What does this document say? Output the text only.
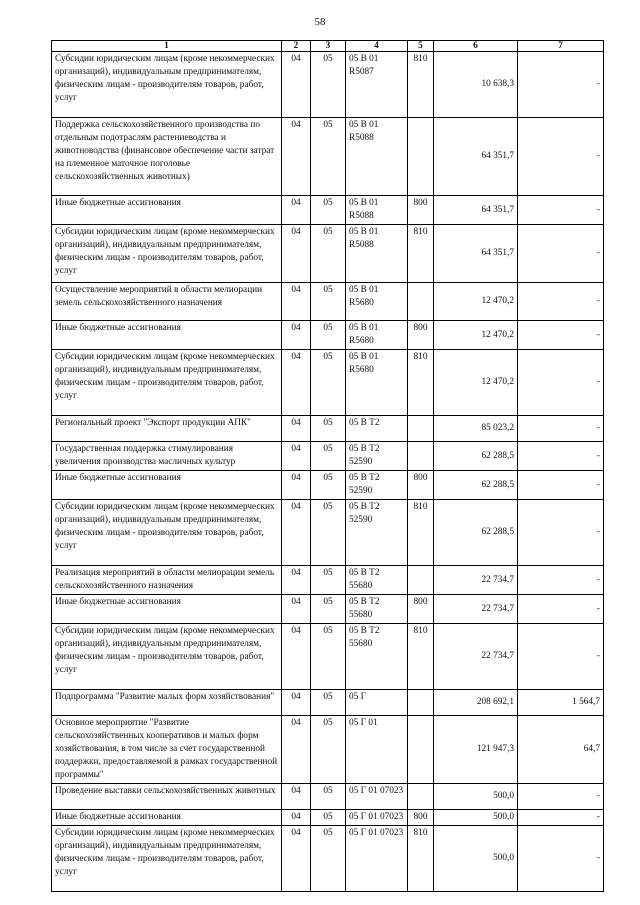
58
1	2	3	4	5	6	7
Субсидии юридическим лицам (кроме некоммерческих организаций), индивидуальным предпринимателям, физическим лицам - производителям товаров, работ, услуг	04	05	05 В 01 R5087	810	10 638,3	-
Поддержка сельскохозяйственного производства по отдельным подотраслям растениеводства и животноводства (финансовое обеспечение части затрат на племенное маточное поголовье сельскохозяйственных животных)	04	05	05 В 01 R5088		64 351,7	-
Иные бюджетные ассигнования	04	05	05 В 01 R5088	800	64 351,7	-
Субсидии юридическим лицам (кроме некоммерческих организаций), индивидуальным предпринимателям, физическим лицам - производителям товаров, работ, услуг	04	05	05 В 01 R5088	810	64 351,7	-
Осуществление мероприятий в области мелиорации земель сельскохозяйственного назначения	04	05	05 В 01 R5680		12 470,2	-
Иные бюджетные ассигнования	04	05	05 В 01 R5680	800	12 470,2	-
Субсидии юридическим лицам (кроме некоммерческих организаций), индивидуальным предпринимателям, физическим лицам - производителям товаров, работ, услуг	04	05	05 В 01 R5680	810	12 470,2	-
Региональный проект "Экспорт продукции АПК"	04	05	05 В Т2		85 023,2	-
Государственная поддержка стимулирования увеличения производства масличных культур	04	05	05 В Т2 52590		62 288,5	-
Иные бюджетные ассигнования	04	05	05 В Т2 52590	800	62 288,5	-
Субсидии юридическим лицам (кроме некоммерческих организаций), индивидуальным предпринимателям, физическим лицам - производителям товаров, работ, услуг	04	05	05 В Т2 52590	810	62 288,5	-
Реализация мероприятий в области мелиорации земель сельскохозяйственного назначения	04	05	05 В Т2 55680		22 734,7	-
Иные бюджетные ассигнования	04	05	05 В Т2 55680	800	22 734,7	-
Субсидии юридическим лицам (кроме некоммерческих организаций), индивидуальным предпринимателям, физическим лицам - производителям товаров, работ, услуг	04	05	05 В Т2 55680	810	22 734,7	-
Подпрограмма "Развитие малых форм хозяйствования"	04	05	05 Г		208 692,1	1 564,7
Основное мероприятие "Развитие сельскохозяйственных кооперативов и малых форм хозяйствования, в том числе за счет государственной поддержки, предоставляемой в рамках государственной программы"	04	05	05 Г 01		121 947,3	64,7
Проведение выставки сельскохозяйственных животных	04	05	05 Г 01 07023		500,0	-
Иные бюджетные ассигнования	04	05	05 Г 01 07023	800	500,0	-
Субсидии юридическим лицам (кроме некоммерческих организаций), индивидуальным предпринимателям, физическим лицам - производителям товаров, работ, услуг	04	05	05 Г 01 07023	810	500,0	-
